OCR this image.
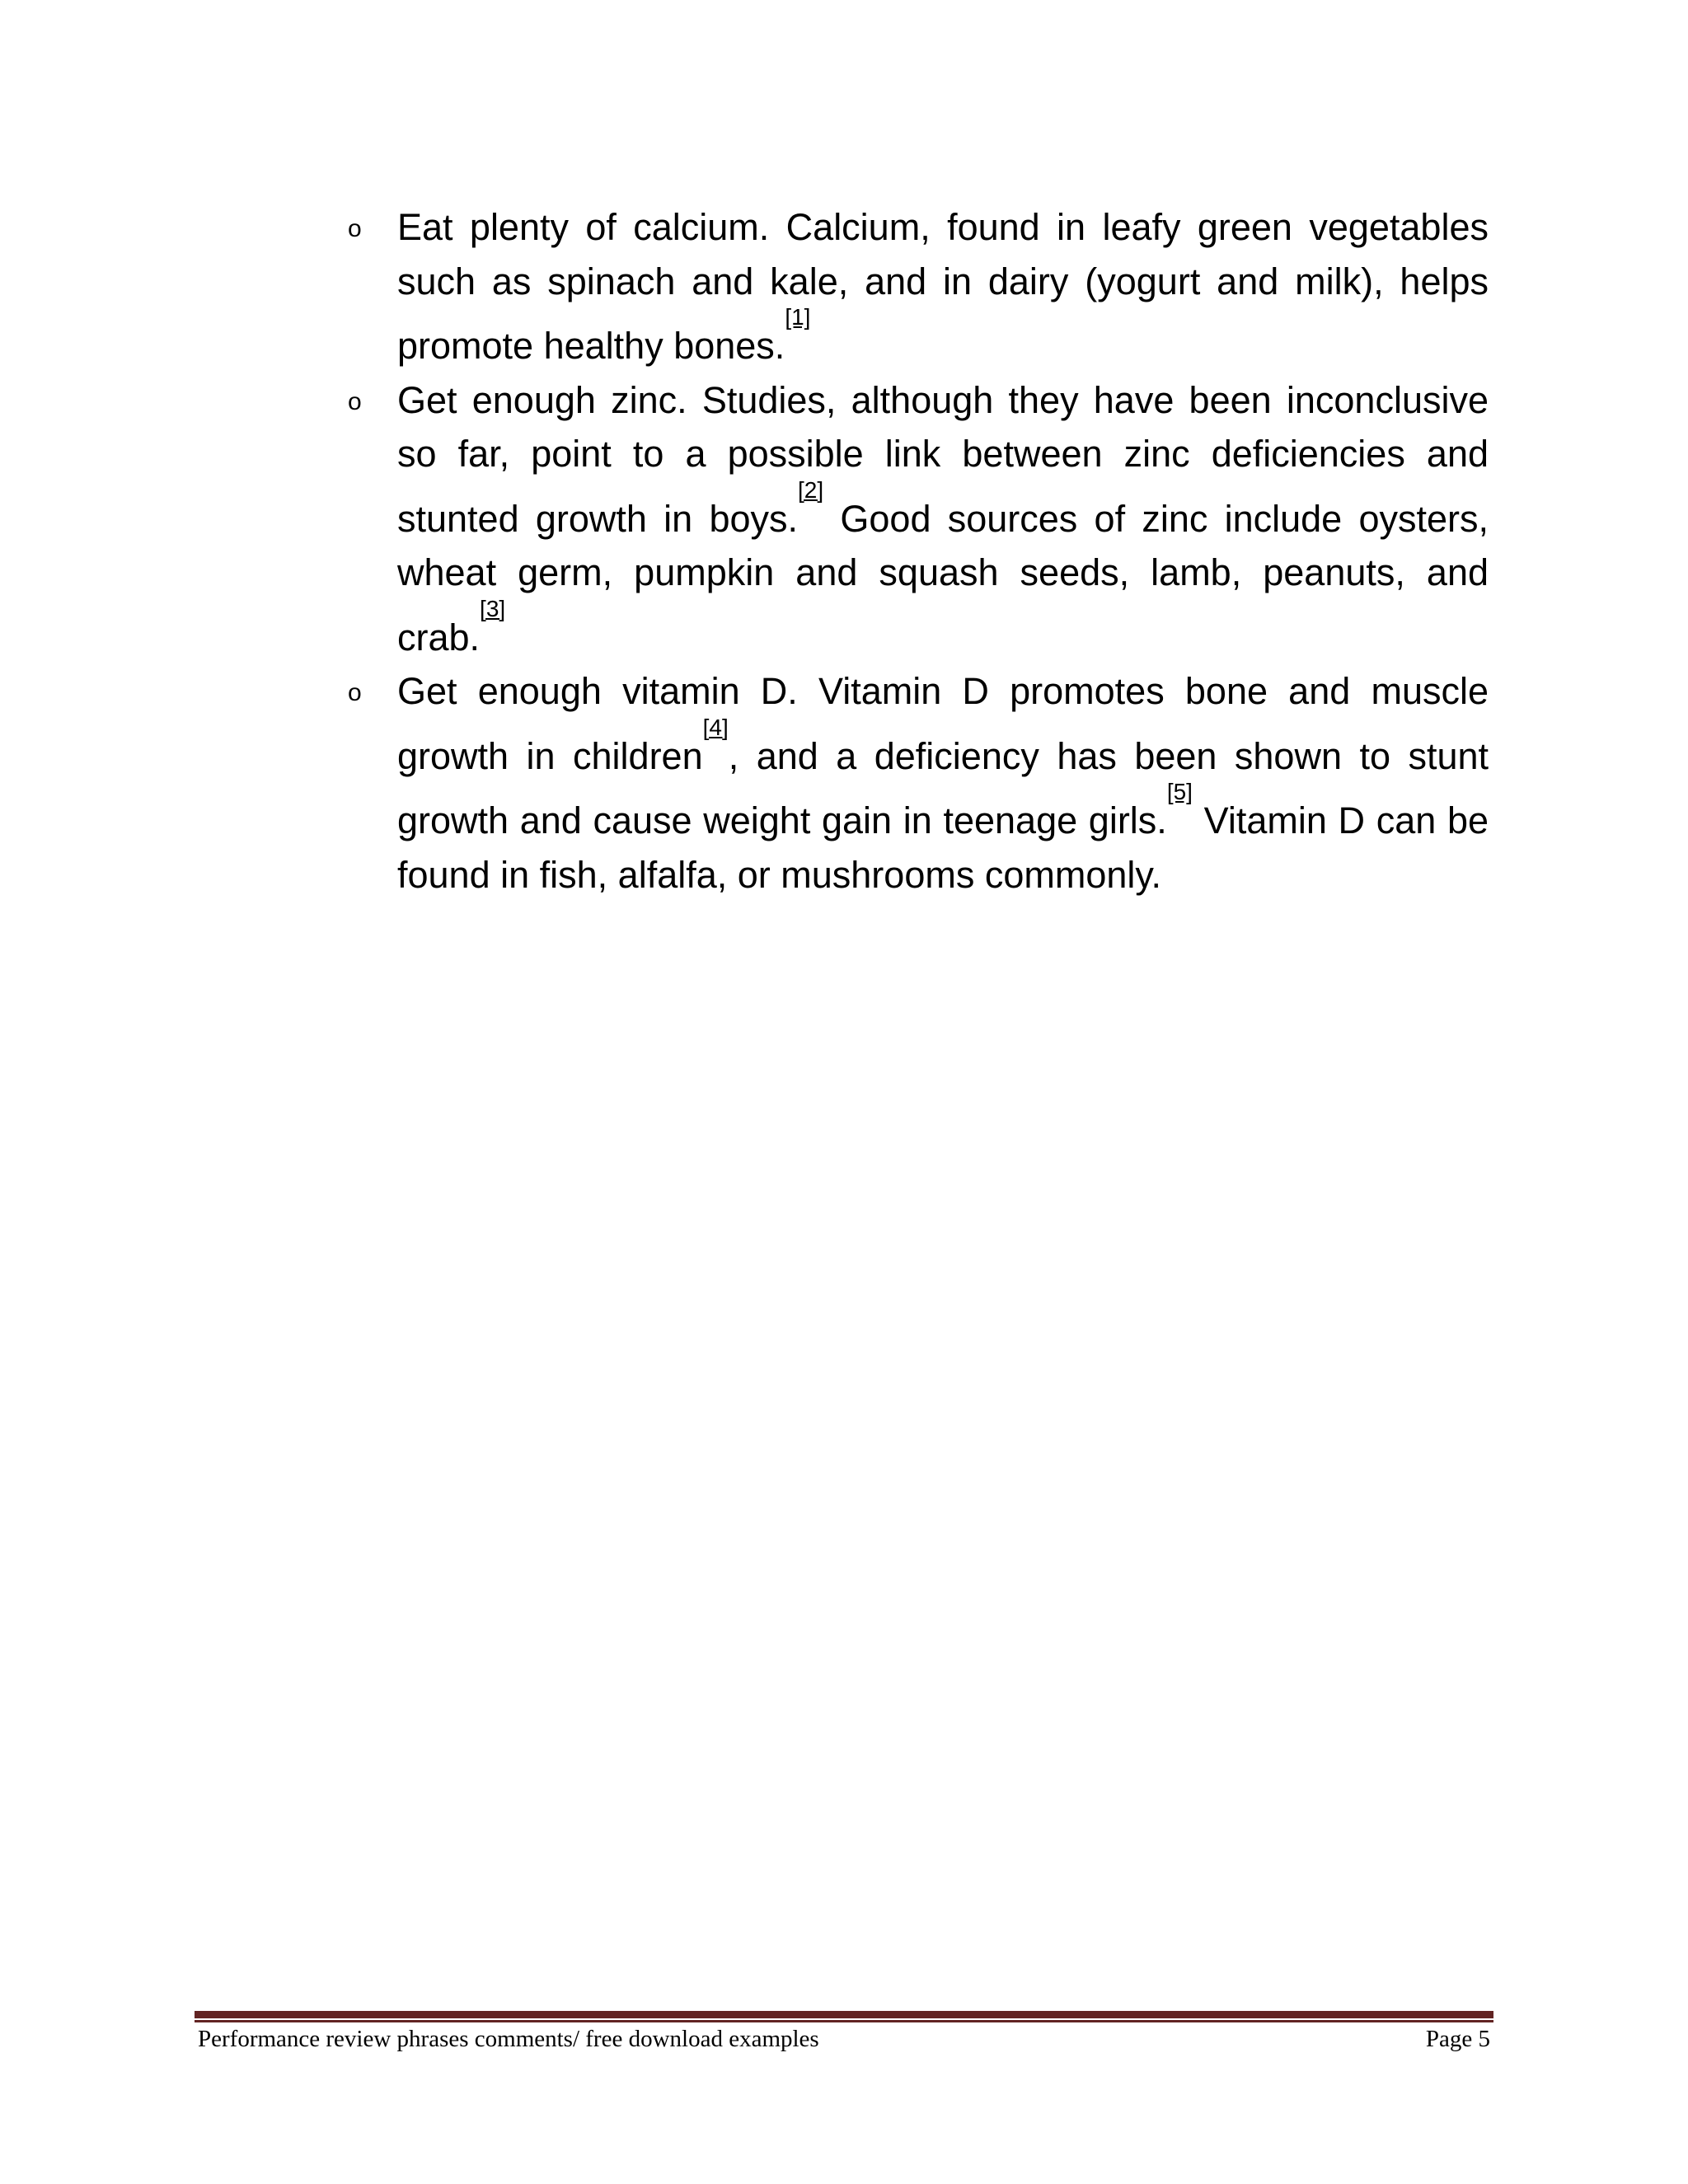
o Eat plenty of calcium. Calcium, found in leafy green vegetables such as spinach and kale, and in dairy (yogurt and milk), helps promote healthy bones.[1]

o Get enough zinc. Studies, although they have been inconclusive so far, point to a possible link between zinc deficiencies and stunted growth in boys.[2] Good sources of zinc include oysters, wheat germ, pumpkin and squash seeds, lamb, peanuts, and crab.[3]

o Get enough vitamin D. Vitamin D promotes bone and muscle growth in children[4], and a deficiency has been shown to stunt growth and cause weight gain in teenage girls.[5] Vitamin D can be found in fish, alfalfa, or mushrooms commonly.

Performance review phrases comments/ free download examples	Page 5
